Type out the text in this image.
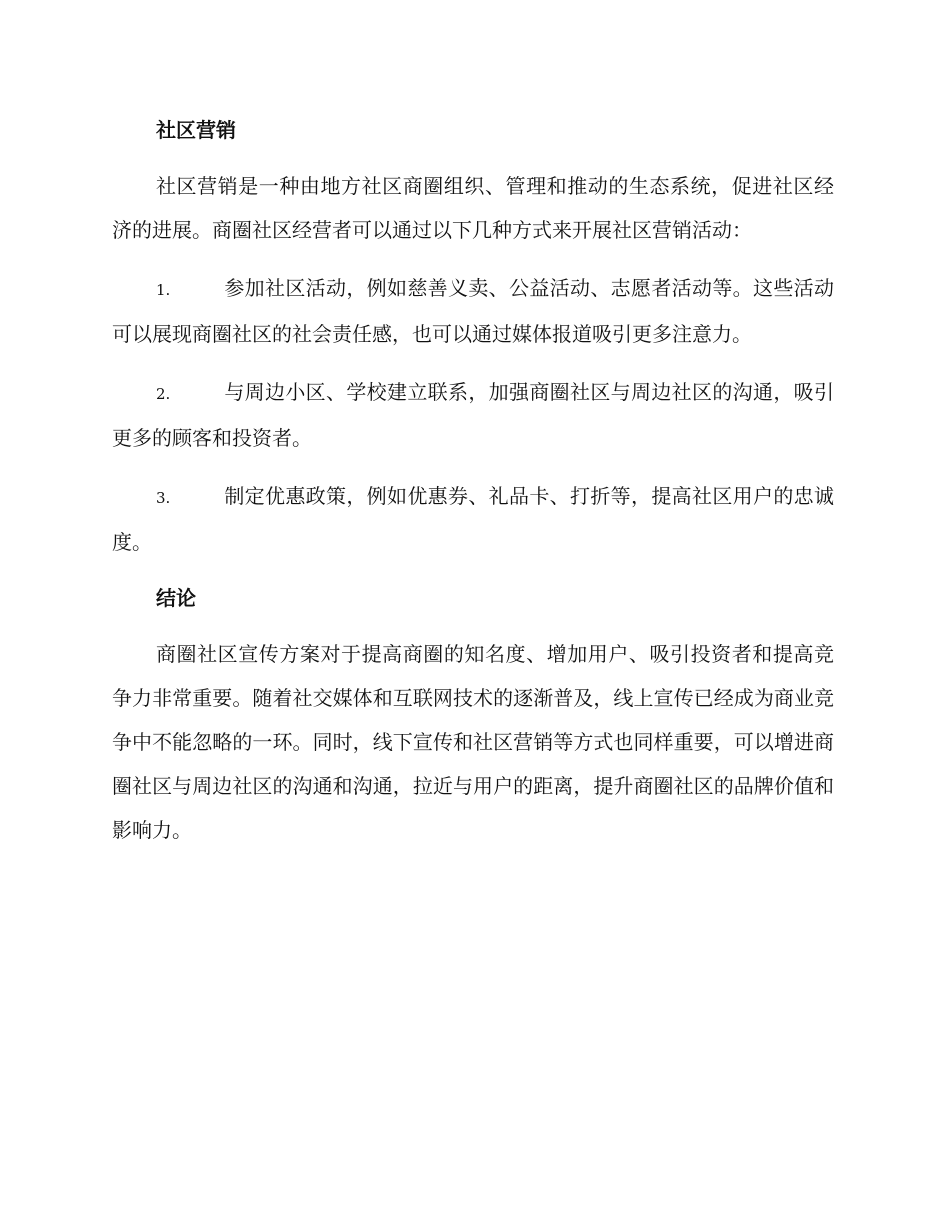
社区营销

社区营销是一种由地方社区商圈组织、管理和推动的生态系统，促进社区经济的进展。商圈社区经营者可以通过以下几种方式来开展社区营销活动：

1.	参加社区活动，例如慈善义卖、公益活动、志愿者活动等。这些活动可以展现商圈社区的社会责任感，也可以通过媒体报道吸引更多注意力。

2.	与周边小区、学校建立联系，加强商圈社区与周边社区的沟通，吸引更多的顾客和投资者。

3.	制定优惠政策，例如优惠券、礼品卡、打折等，提高社区用户的忠诚度。

结论

商圈社区宣传方案对于提高商圈的知名度、增加用户、吸引投资者和提高竞争力非常重要。随着社交媒体和互联网技术的逐渐普及，线上宣传已经成为商业竞争中不能忽略的一环。同时，线下宣传和社区营销等方式也同样重要，可以增进商圈社区与周边社区的沟通和沟通，拉近与用户的距离，提升商圈社区的品牌价值和影响力。
